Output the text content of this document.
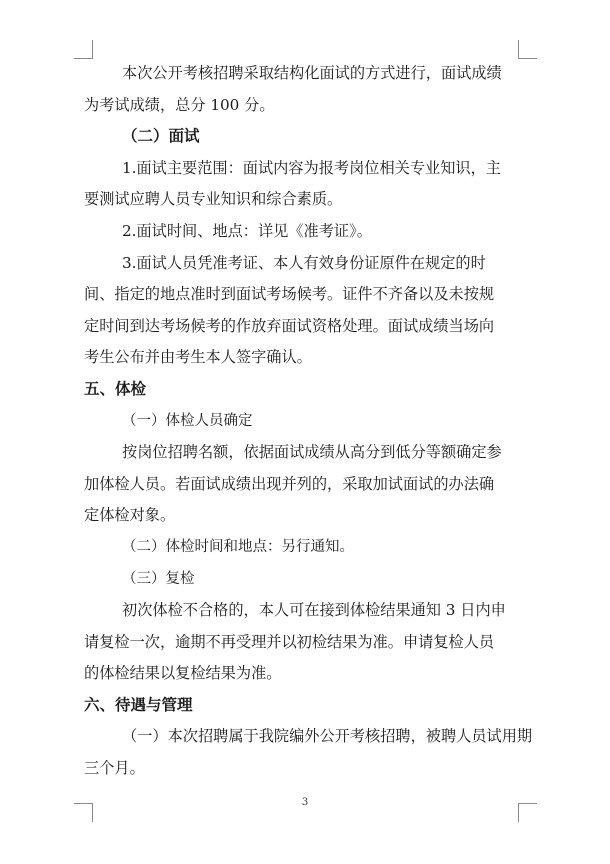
本次公开考核招聘采取结构化面试的方式进行，面试成绩
为考试成绩，总分 100 分。

（二）面试

1.面试主要范围：面试内容为报考岗位相关专业知识，主
要测试应聘人员专业知识和综合素质。

2.面试时间、地点：详见《准考证》。

3.面试人员凭准考证、本人有效身份证原件在规定的时
间、指定的地点准时到面试考场候考。证件不齐备以及未按规
定时间到达考场候考的作放弃面试资格处理。面试成绩当场向
考生公布并由考生本人签字确认。

五、体检
（一）体检人员确定

按岗位招聘名额，依据面试成绩从高分到低分等额确定参
加体检人员。若面试成绩出现并列的，采取加试面试的办法确
定体检对象。

（二）体检时间和地点：另行通知。
（三）复检

初次体检不合格的，本人可在接到体检结果通知 3 日内申
请复检一次，逾期不再受理并以初检结果为准。申请复检人员
的体检结果以复检结果为准。

六、待遇与管理

（一）本次招聘属于我院编外公开考核招聘，被聘人员试用期
三个月。

3
